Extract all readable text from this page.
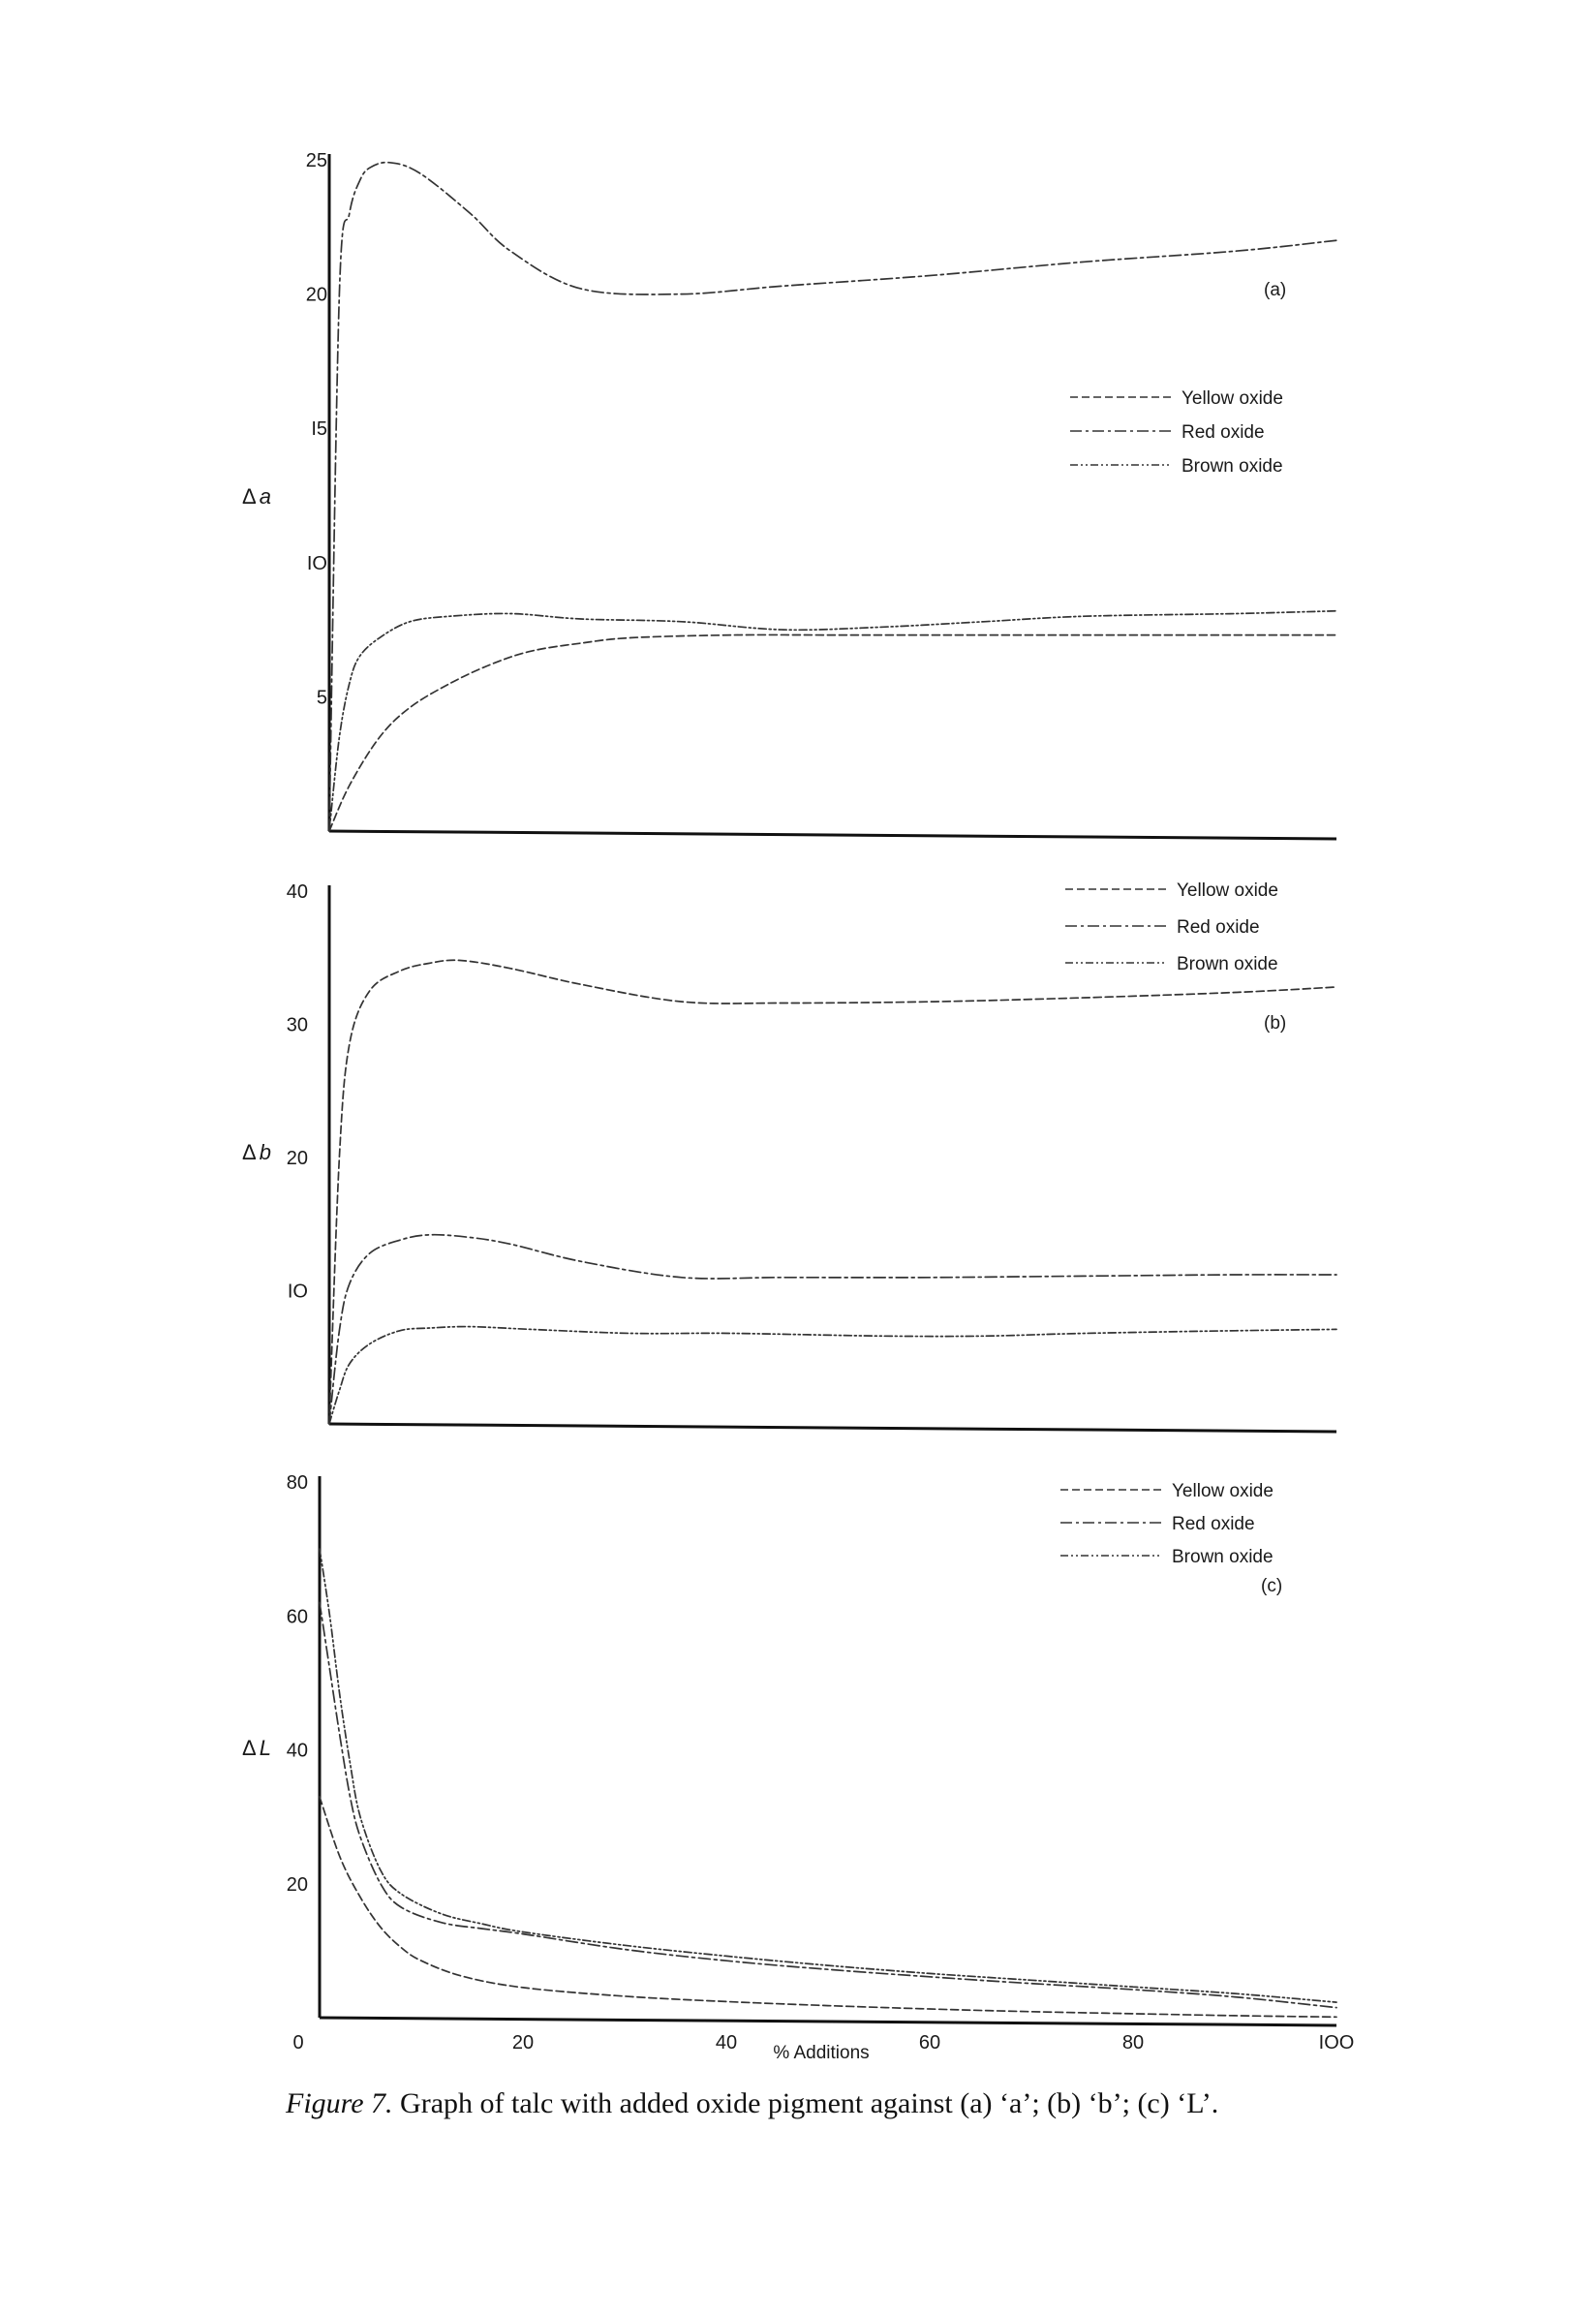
5
IO
I5
20
25
Δ a
Yellow oxide
Red oxide
Brown oxide
(a)
IO
20
30
40
Δ b
Yellow oxide
Red oxide
Brown oxide
(b)
20
40
60
80
0	20	40	60	80	IOO
% Additions
Δ L
Yellow oxide
Red oxide
Brown oxide
(c)
Figure 7. Graph of talc with added oxide pigment against (a) ‘a’; (b) ‘b’; (c) ‘L’.
